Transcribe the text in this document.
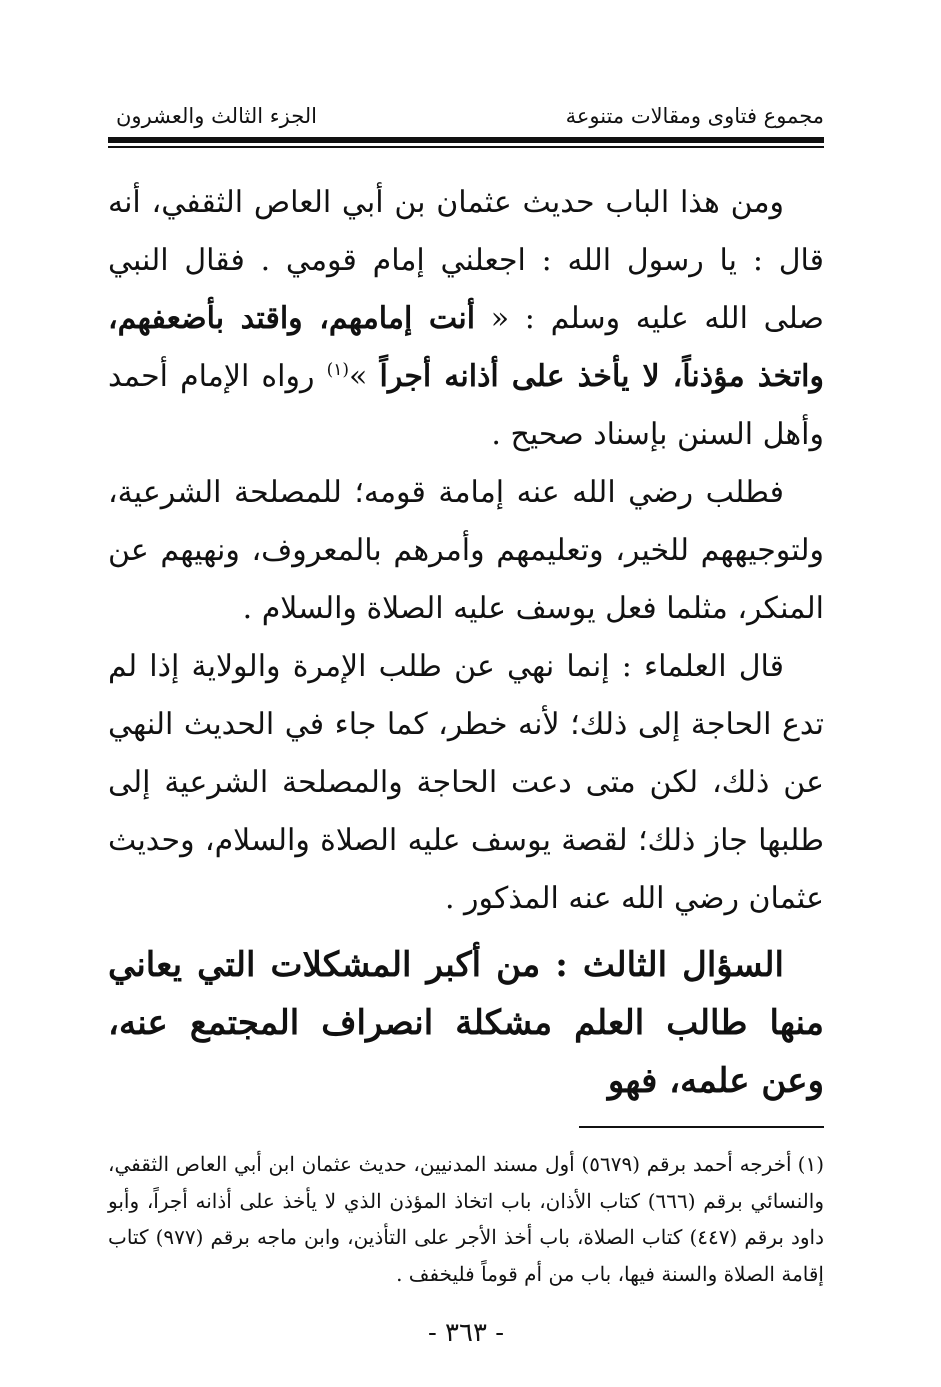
مجموع فتاوى ومقالات متنوعة
الجزء الثالث والعشرون

ومن هذا الباب حديث عثمان بن أبي العاص الثقفي، أنه قال : يا رسول الله : اجعلني إمام قومي . فقال النبي صلى الله عليه وسلم : « أنت إمامهم، واقتد بأضعفهم، واتخذ مؤذناً، لا يأخذ على أذانه أجراً »$^{(١)}$ رواه الإمام أحمد وأهل السنن بإسناد صحيح .

فطلب رضي الله عنه إمامة قومه؛ للمصلحة الشرعية، ولتوجيههم للخير، وتعليمهم وأمرهم بالمعروف، ونهيهم عن المنكر، مثلما فعل يوسف عليه الصلاة والسلام .

قال العلماء : إنما نهي عن طلب الإمرة والولاية إذا لم تدع الحاجة إلى ذلك؛ لأنه خطر، كما جاء في الحديث النهي عن ذلك، لكن متى دعت الحاجة والمصلحة الشرعية إلى طلبها جاز ذلك؛ لقصة يوسف عليه الصلاة والسلام، وحديث عثمان رضي الله عنه المذكور .

السؤال الثالث : من أكبر المشكلات التي يعاني منها طالب العلم مشكلة انصراف المجتمع عنه، وعن علمه، فهو
(١)أخرجه أحمد برقم (٥٦٧٩) أول مسند المدنيين، حديث عثمان ابن أبي العاص الثقفي، والنسائي برقم (٦٦٦) كتاب الأذان، باب اتخاذ المؤذن الذي لا يأخذ على أذانه أجراً، وأبو داود برقم (٤٤٧) كتاب الصلاة، باب أخذ الأجر على التأذين، وابن ماجه برقم (٩٧٧) كتاب إقامة الصلاة والسنة فيها، باب من أم قوماً فليخفف .
- ٣٦٣ -
